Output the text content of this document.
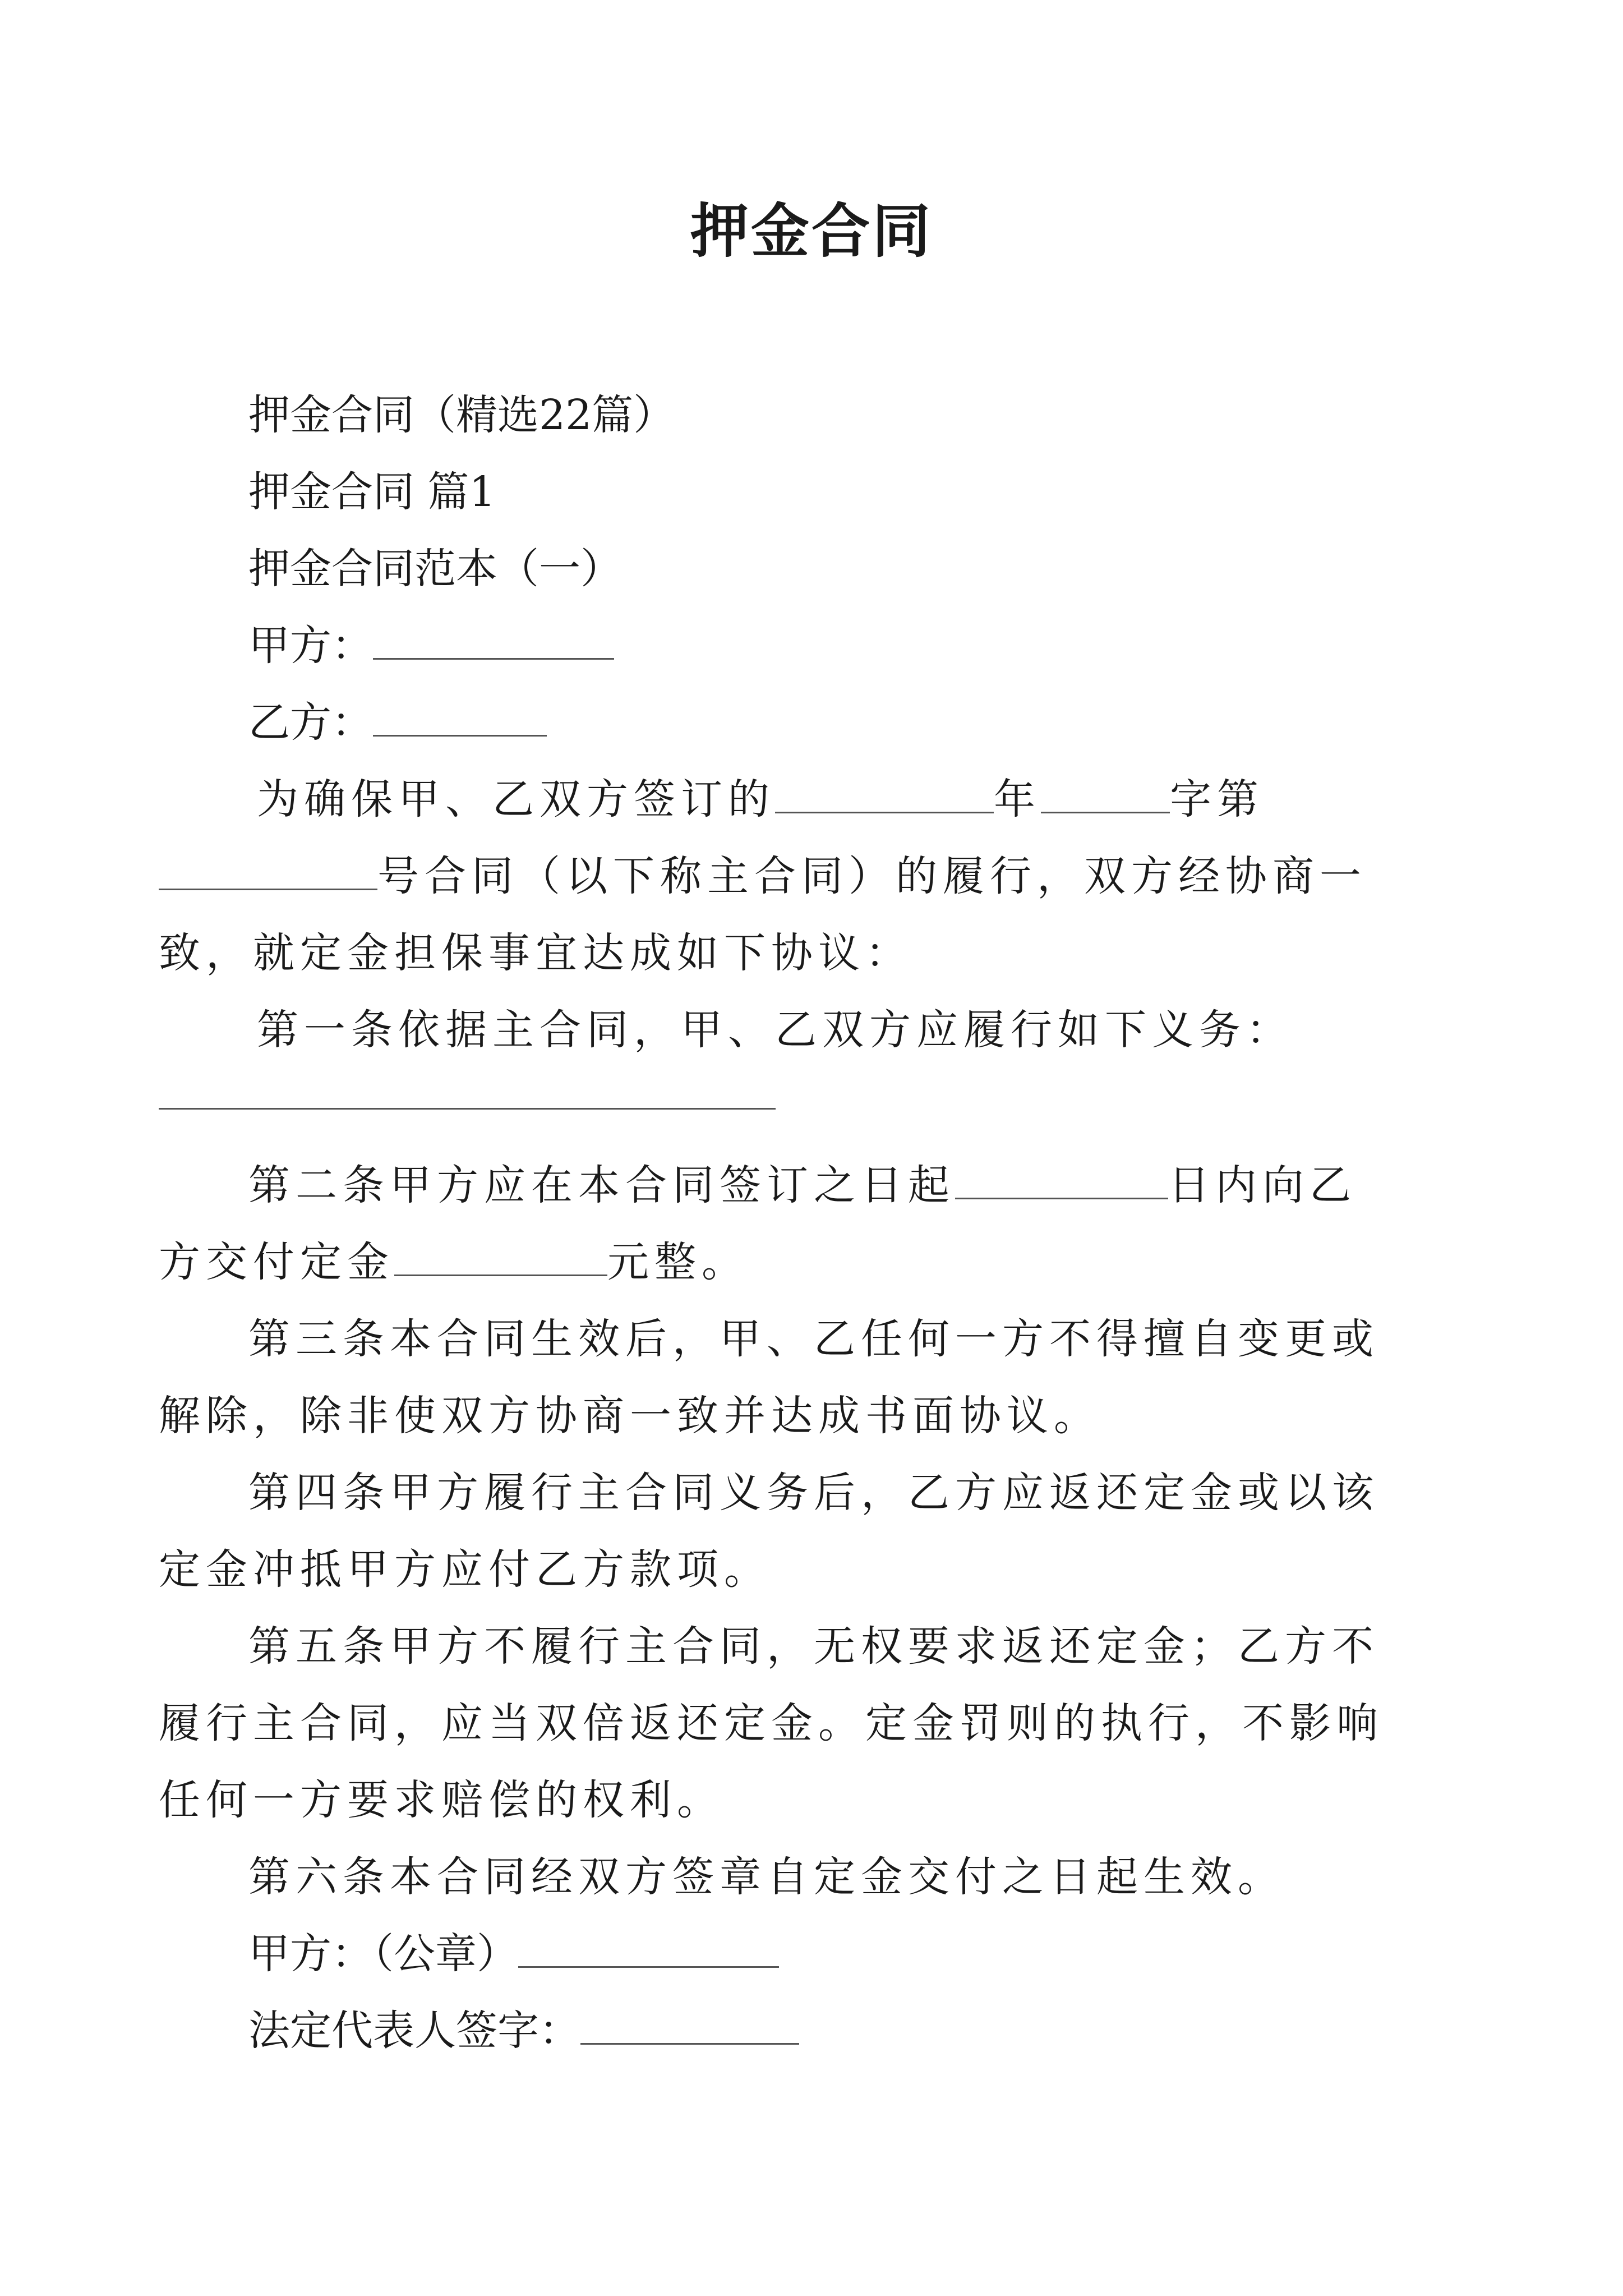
押金合同

押金合同（精选22篇）

押金合同 篇1

押金合同范本（一）

甲方：

乙方：

为确保甲、乙双方签订的	年	字第号合同（以下称主合同）的履行，双方经协商一致，就定金担保事宜达成如下协议：

第一条依据主合同，甲、乙双方应履行如下义务：

第二条甲方应在本合同签订之日起	日内向乙方交付定金	元整。

第三条本合同生效后，甲、乙任何一方不得擅自变更或解除，除非使双方协商一致并达成书面协议。

第四条甲方履行主合同义务后，乙方应返还定金或以该定金冲抵甲方应付乙方款项。

第五条甲方不履行主合同，无权要求返还定金；乙方不履行主合同，应当双倍返还定金。定金罚则的执行，不影响任何一方要求赔偿的权利。

第六条本合同经双方签章自定金交付之日起生效。

甲方：（公章）

法定代表人签字：
